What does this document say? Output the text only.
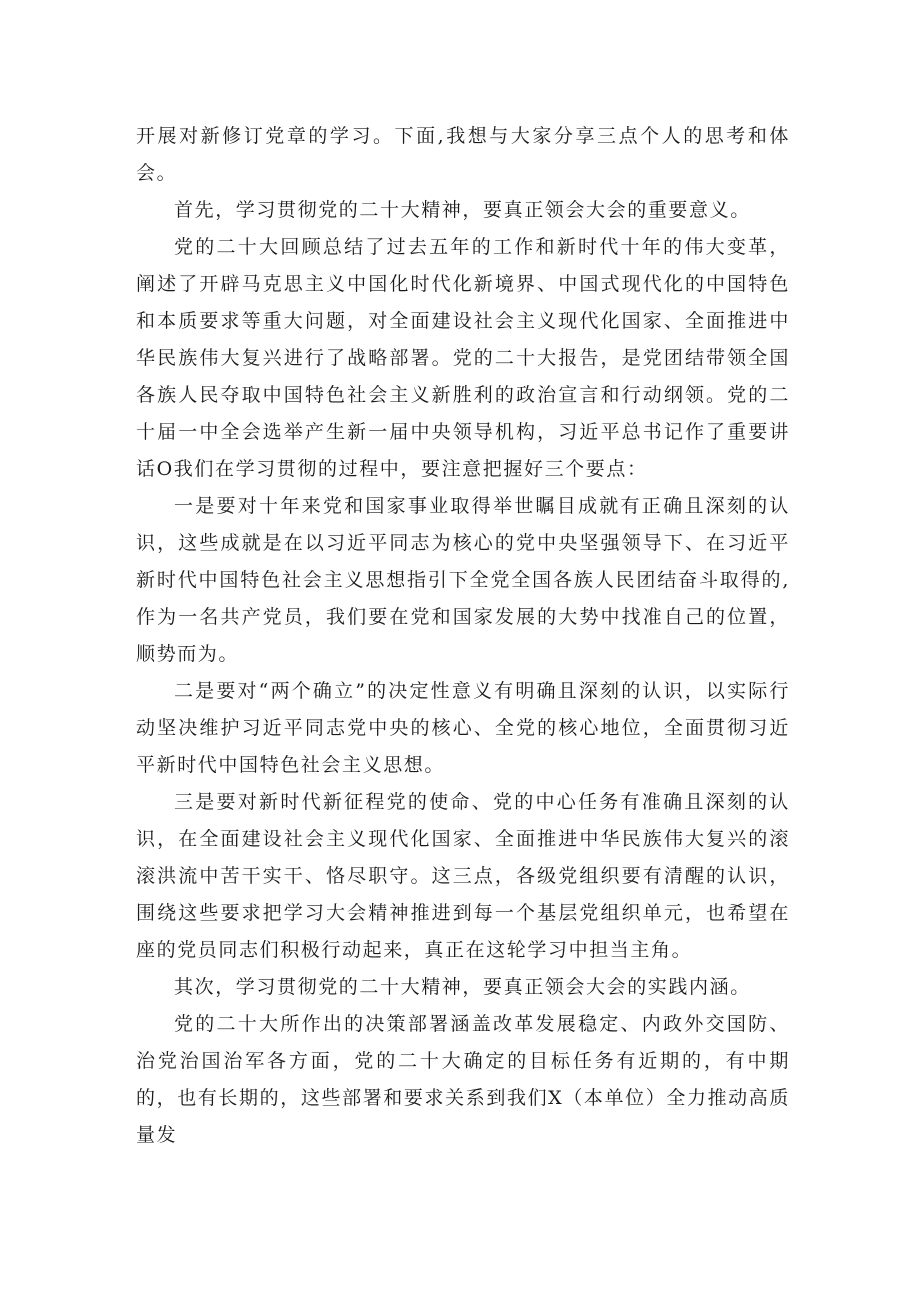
开展对新修订党章的学习。下面,我想与大家分享三点个人的思考和体会。

首先，学习贯彻党的二十大精神，要真正领会大会的重要意义。

党的二十大回顾总结了过去五年的工作和新时代十年的伟大变革，阐述了开辟马克思主义中国化时代化新境界、中国式现代化的中国特色和本质要求等重大问题，对全面建设社会主义现代化国家、全面推进中华民族伟大复兴进行了战略部署。党的二十大报告，是党团结带领全国各族人民夺取中国特色社会主义新胜利的政治宣言和行动纲领。党的二十届一中全会选举产生新一届中央领导机构，习近平总书记作了重要讲话O我们在学习贯彻的过程中，要注意把握好三个要点：

一是要对十年来党和国家事业取得举世瞩目成就有正确且深刻的认识，这些成就是在以习近平同志为核心的党中央坚强领导下、在习近平新时代中国特色社会主义思想指引下全党全国各族人民团结奋斗取得的,作为一名共产党员，我们要在党和国家发展的大势中找准自己的位置，顺势而为。

二是要对“两个确立”的决定性意义有明确且深刻的认识，以实际行动坚决维护习近平同志党中央的核心、全党的核心地位，全面贯彻习近平新时代中国特色社会主义思想。

三是要对新时代新征程党的使命、党的中心任务有准确且深刻的认识，在全面建设社会主义现代化国家、全面推进中华民族伟大复兴的滚滚洪流中苦干实干、恪尽职守。这三点，各级党组织要有清醒的认识，围绕这些要求把学习大会精神推进到每一个基层党组织单元，也希望在座的党员同志们积极行动起来，真正在这轮学习中担当主角。

其次，学习贯彻党的二十大精神，要真正领会大会的实践内涵。

党的二十大所作出的决策部署涵盖改革发展稳定、内政外交国防、治党治国治军各方面，党的二十大确定的目标任务有近期的，有中期的，也有长期的，这些部署和要求关系到我们X（本单位）全力推动高质量发
